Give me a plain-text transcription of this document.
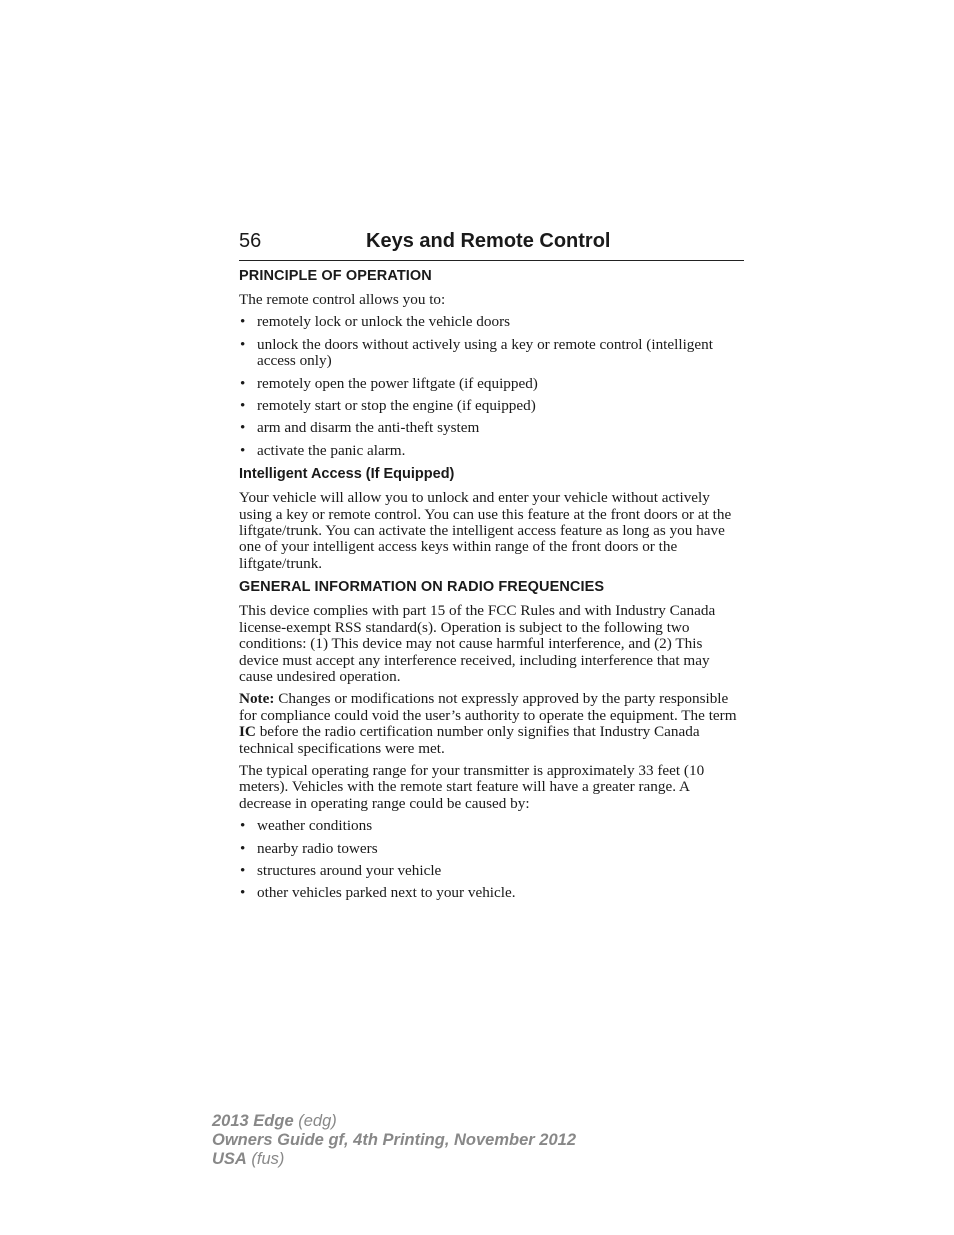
56	Keys and Remote Control
PRINCIPLE OF OPERATION

The remote control allows you to:

• remotely lock or unlock the vehicle doors
• unlock the doors without actively using a key or remote control (intelligent access only)
• remotely open the power liftgate (if equipped)
• remotely start or stop the engine (if equipped)
• arm and disarm the anti-theft system
• activate the panic alarm.
Intelligent Access (If Equipped)

Your vehicle will allow you to unlock and enter your vehicle without actively using a key or remote control. You can use this feature at the front doors or at the liftgate/trunk. You can activate the intelligent access feature as long as you have one of your intelligent access keys within range of the front doors or the liftgate/trunk.

GENERAL INFORMATION ON RADIO FREQUENCIES

This device complies with part 15 of the FCC Rules and with Industry Canada license-exempt RSS standard(s). Operation is subject to the following two conditions: (1) This device may not cause harmful interference, and (2) This device must accept any interference received, including interference that may cause undesired operation.

Note: Changes or modifications not expressly approved by the party responsible for compliance could void the user’s authority to operate the equipment. The term IC before the radio certification number only signifies that Industry Canada technical specifications were met.

The typical operating range for your transmitter is approximately 33 feet (10 meters). Vehicles with the remote start feature will have a greater range. A decrease in operating range could be caused by:

• weather conditions
• nearby radio towers
• structures around your vehicle
• other vehicles parked next to your vehicle.
2013 Edge (edg)
Owners Guide gf, 4th Printing, November 2012
USA (fus)
